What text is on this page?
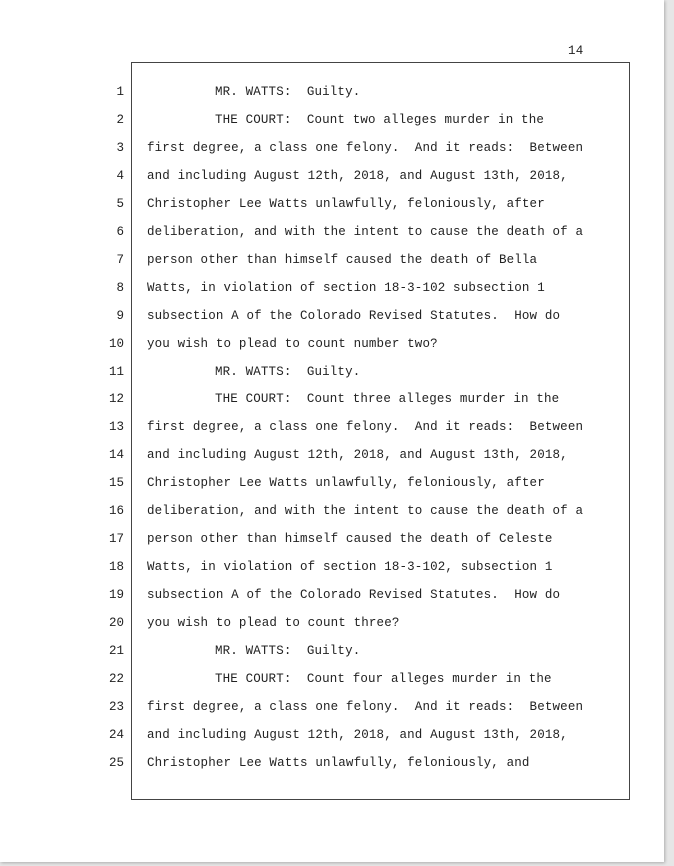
14
1	MR. WATTS:  Guilty.
2	THE COURT:  Count two alleges murder in the
3 first degree, a class one felony.  And it reads:  Between
4 and including August 12th, 2018, and August 13th, 2018,
5 Christopher Lee Watts unlawfully, feloniously, after
6 deliberation, and with the intent to cause the death of a
7 person other than himself caused the death of Bella
8 Watts, in violation of section 18-3-102 subsection 1
9 subsection A of the Colorado Revised Statutes.  How do
10 you wish to plead to count number two?
11	MR. WATTS:  Guilty.
12	THE COURT:  Count three alleges murder in the
13 first degree, a class one felony.  And it reads:  Between
14 and including August 12th, 2018, and August 13th, 2018,
15 Christopher Lee Watts unlawfully, feloniously, after
16 deliberation, and with the intent to cause the death of a
17 person other than himself caused the death of Celeste
18 Watts, in violation of section 18-3-102, subsection 1
19 subsection A of the Colorado Revised Statutes.  How do
20 you wish to plead to count three?
21	MR. WATTS:  Guilty.
22	THE COURT:  Count four alleges murder in the
23 first degree, a class one felony.  And it reads:  Between
24 and including August 12th, 2018, and August 13th, 2018,
25 Christopher Lee Watts unlawfully, feloniously, and
